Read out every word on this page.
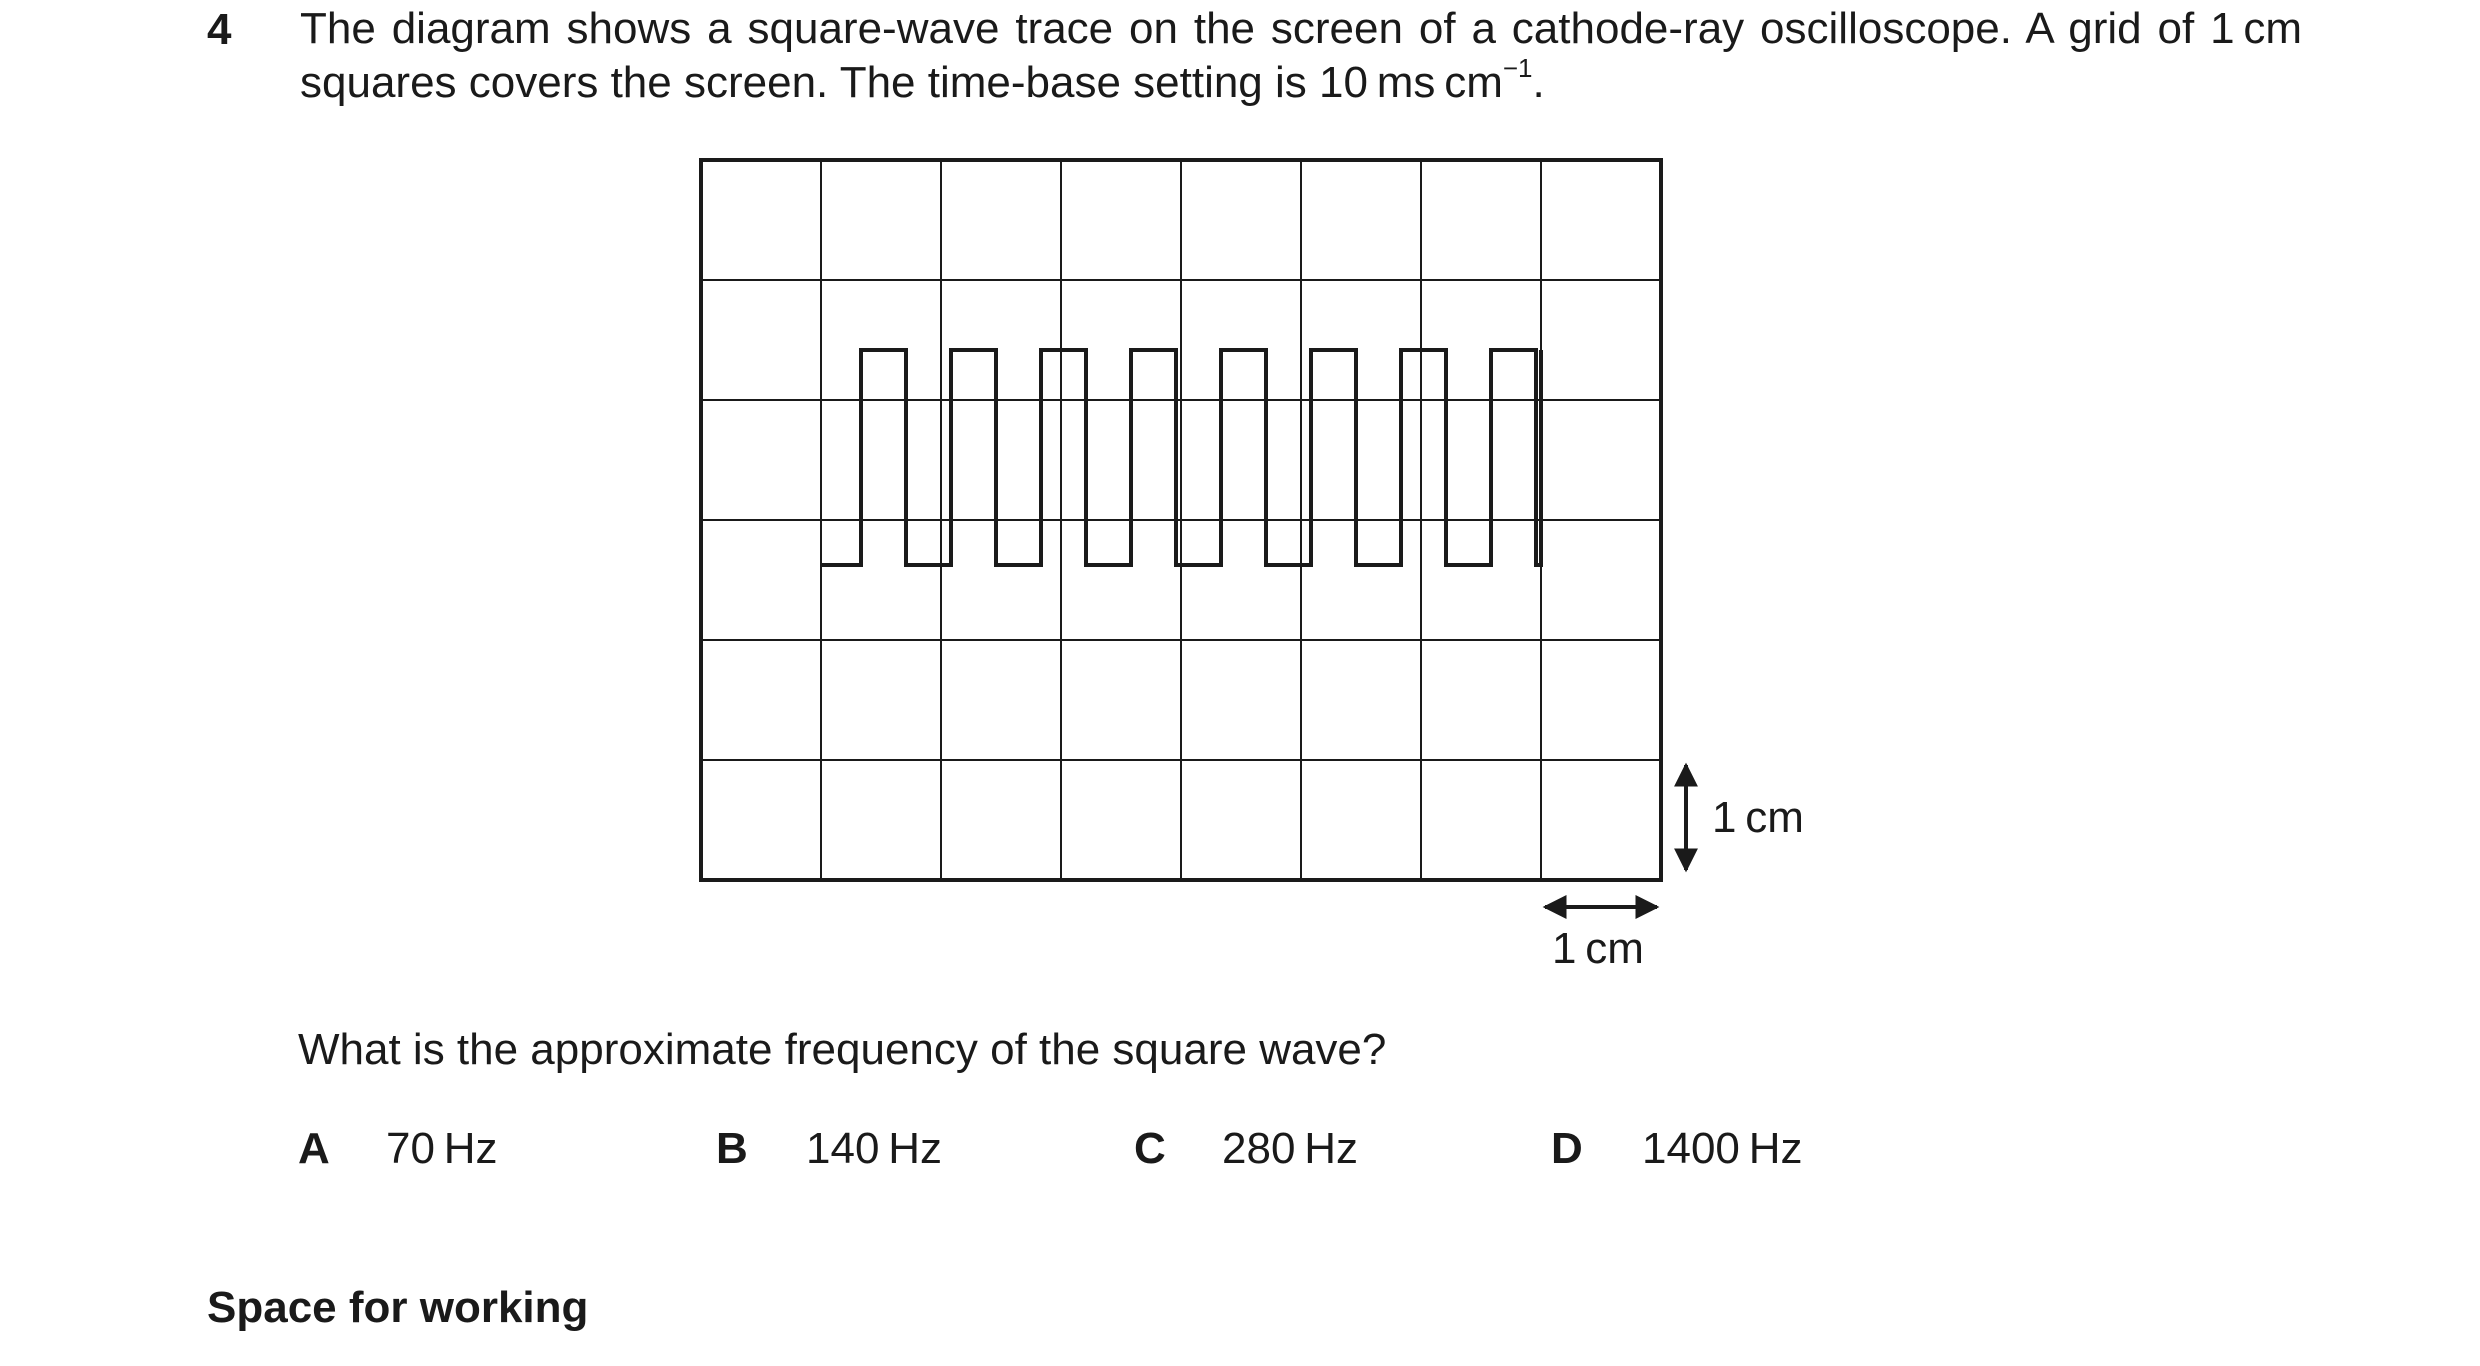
4 The diagram shows a square-wave trace on the screen of a cathode-ray oscilloscope. A grid of 1 cm squares covers the screen. The time-base setting is 10 ms $cm^{-1}$.
1 cm
1 cm
What is the approximate frequency of the square wave?
A 70 Hz	B 140 Hz	C 280 Hz	D 1400 Hz
Space for working
